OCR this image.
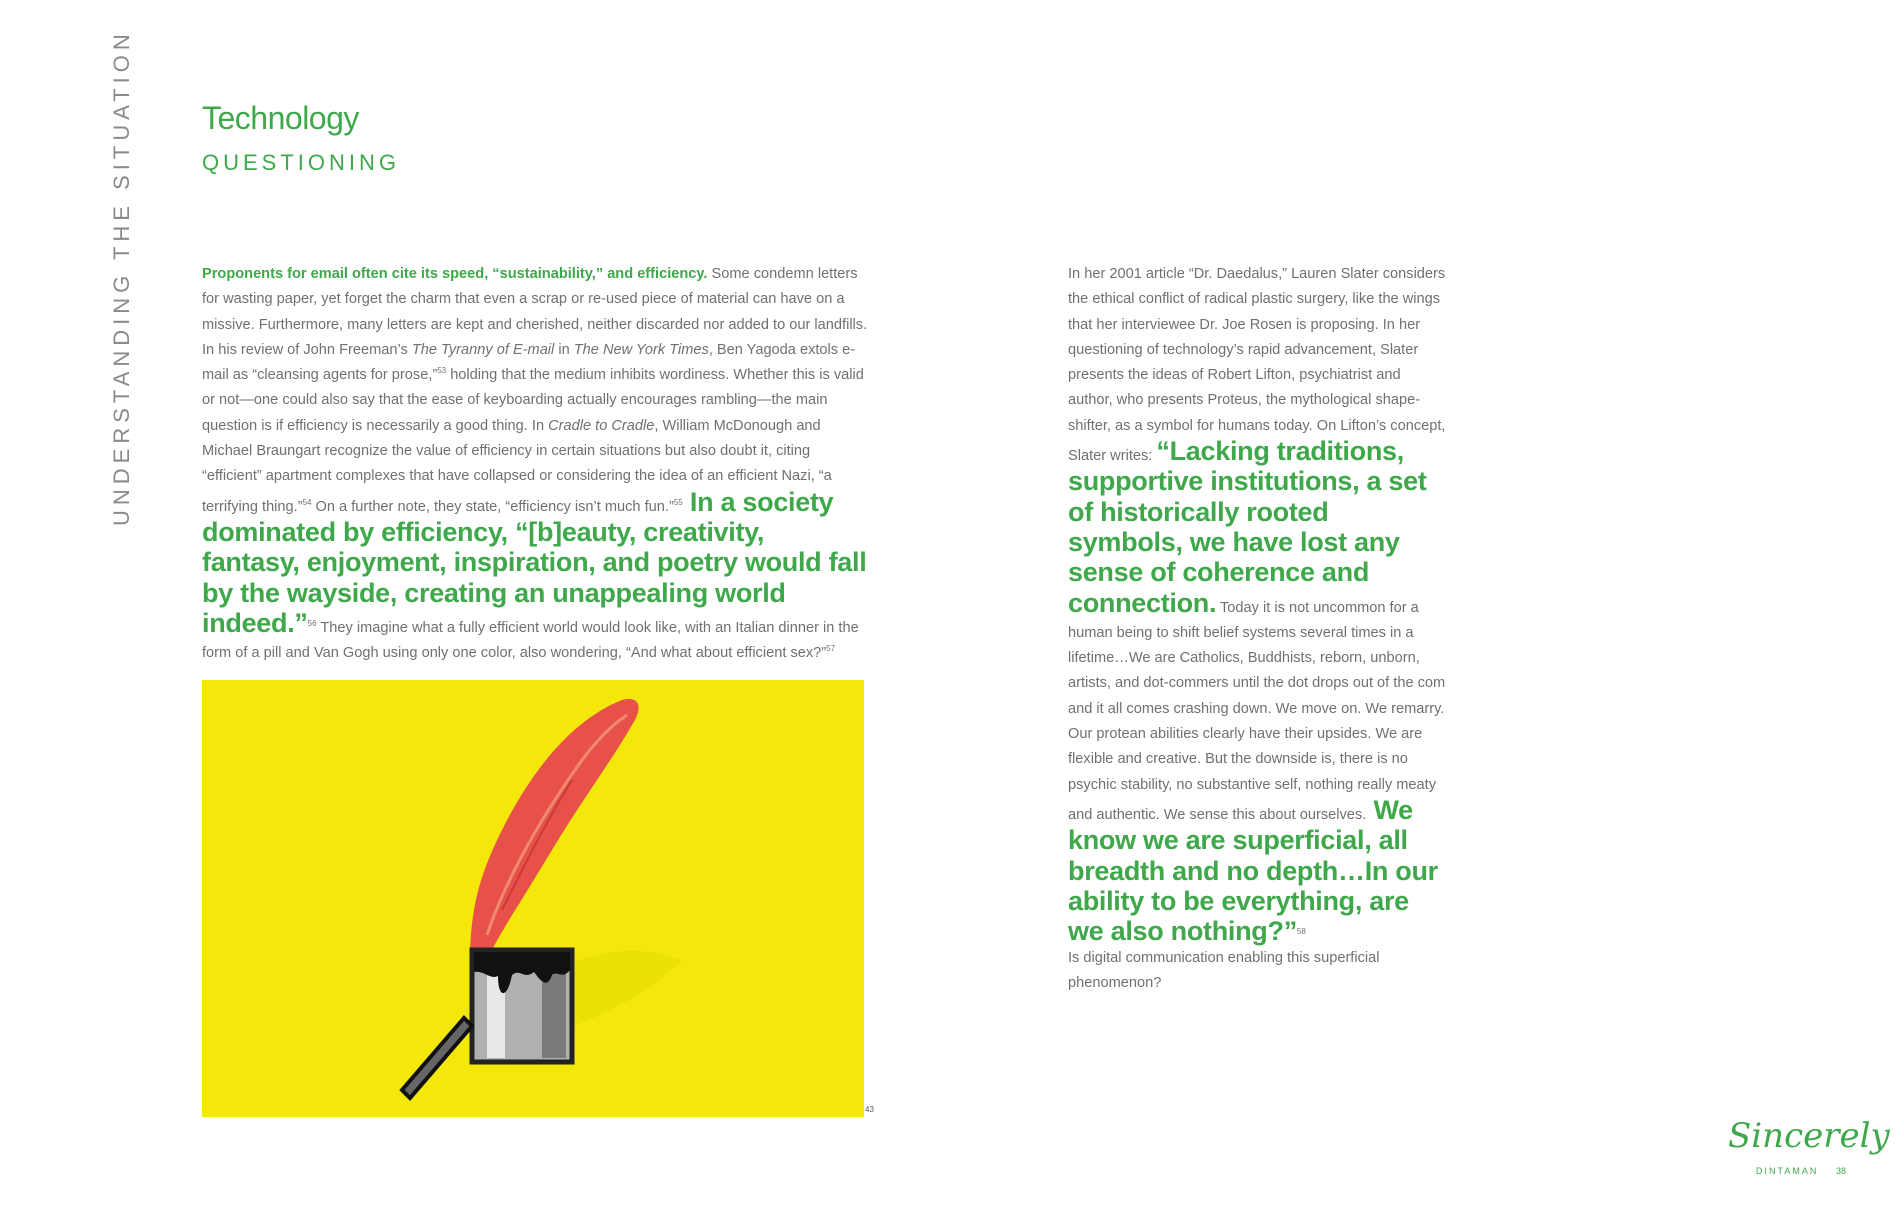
UNDERSTANDING THE SITUATION Technology
QUESTIONING
Proponents for email often cite its speed, “sustainability,” and efficiency. Some condemn letters for wasting paper, yet forget the charm that even a scrap or re-used piece of material can have on a missive. Furthermore, many letters are kept and cherished, neither discarded nor added to our landfills. In his review of John Freeman’s The Tyranny of E-mail in The New York Times, Ben Yagoda extols e-mail as “cleansing agents for prose,”$^{53}$ holding that the medium inhibits wordiness. Whether this is valid or not—one could also say that the ease of keyboarding actually encourages rambling—the main question is if efficiency is necessarily a good thing. In Cradle to Cradle, William McDonough and Michael Braungart recognize the value of efficiency in certain situations but also doubt it, citing “efficient” apartment complexes that have collapsed or considering the idea of an efficient Nazi, “a terrifying thing.”$^{54}$ On a further note, they state, “efficiency isn’t much fun.”$^{55}$ In a society dominated by efficiency, “[b]eauty, creativity, fantasy, enjoyment, inspiration, and poetry would fall by the wayside, creating an unappealing world indeed.”$^{56}$ They imagine what a fully efficient world would look like, with an Italian dinner in the form of a pill and Van Gogh using only one color, also wondering, “And what about efficient sex?”$^{57}$
43
In her 2001 article “Dr. Daedalus,” Lauren Slater considers the ethical conflict of radical plastic surgery, like the wings that her interviewee Dr. Joe Rosen is proposing. In her questioning of technology’s rapid advancement, Slater presents the ideas of Robert Lifton, psychiatrist and author, who presents Proteus, the mythological shape-shifter, as a symbol for humans today. On Lifton’s concept, Slater writes: “Lacking traditions, supportive institutions, a set of historically rooted symbols, we have lost any sense of coherence and connection. Today it is not uncommon for a human being to shift belief systems several times in a lifetime…We are Catholics, Buddhists, reborn, unborn, artists, and dot-commers until the dot drops out of the com and it all comes crashing down. We move on. We remarry. Our protean abilities clearly have their upsides. We are flexible and creative. But the downside is, there is no psychic stability, no substantive self, nothing really meaty and authentic. We sense this about ourselves. We know we are superficial, all breadth and no depth…In our ability to be everything, are we also nothing?”$^{58}$
Is digital communication enabling this superficial phenomenon?
Sincerely
DINTAMAN 38
